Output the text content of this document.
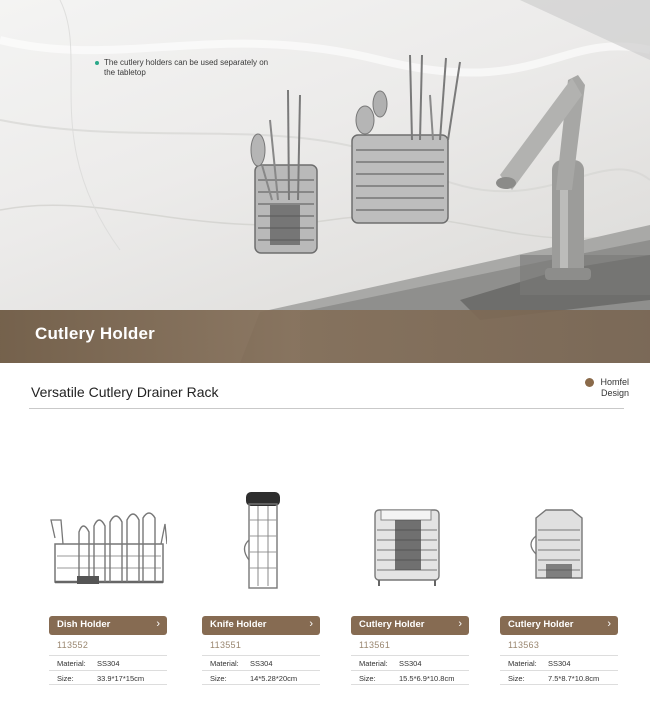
The cutlery holders can be used separately on the tabletop
Cutlery Holder
Versatile Cutlery Drainer Rack
Homfel
Design
Dish Holder	›
113552
Material: SS304
Size:	33.9*17*15cm
Knife Holder	›
113551
Material: SS304
Size:	14*5.28*20cm
Cutlery Holder	›
113561
Material: SS304
Size:	15.5*6.9*10.8cm
Cutlery Holder	›
113563
Material: SS304
Size:	7.5*8.7*10.8cm
